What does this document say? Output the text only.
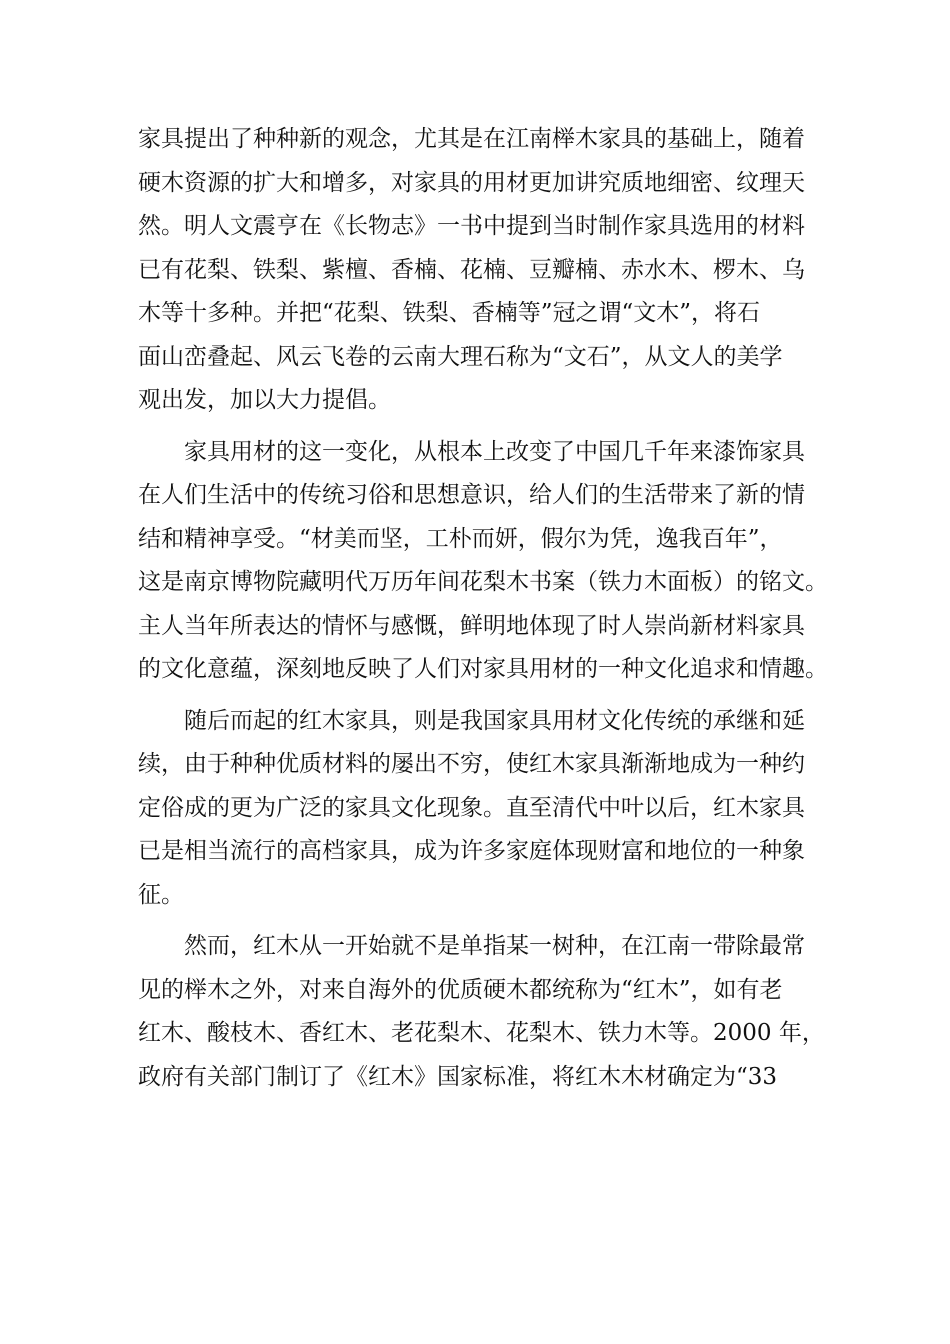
家具提出了种种新的观念，尤其是在江南榉木家具的基础上，随着
硬木资源的扩大和增多，对家具的用材更加讲究质地细密、纹理天
然。明人文震亨在《长物志》一书中提到当时制作家具选用的材料
已有花梨、铁梨、紫檀、香楠、花楠、豆瓣楠、赤水木、椤木、乌
木等十多种。并把“花梨、铁梨、香楠等”冠之谓“文木”，将石
面山峦叠起、风云飞卷的云南大理石称为“文石”，从文人的美学
观出发，加以大力提倡。
家具用材的这一变化，从根本上改变了中国几千年来漆饰家具
在人们生活中的传统习俗和思想意识，给人们的生活带来了新的情
结和精神享受。“材美而坚，工朴而妍，假尔为凭，逸我百年”，
这是南京博物院藏明代万历年间花梨木书案（铁力木面板）的铭文。
主人当年所表达的情怀与感慨，鲜明地体现了时人崇尚新材料家具
的文化意蕴，深刻地反映了人们对家具用材的一种文化追求和情趣。
随后而起的红木家具，则是我国家具用材文化传统的承继和延
续，由于种种优质材料的屡出不穷，使红木家具渐渐地成为一种约
定俗成的更为广泛的家具文化现象。直至清代中叶以后，红木家具
已是相当流行的高档家具，成为许多家庭体现财富和地位的一种象
征。
然而，红木从一开始就不是单指某一树种，在江南一带除最常
见的榉木之外，对来自海外的优质硬木都统称为“红木”，如有老
红木、酸枝木、香红木、老花梨木、花梨木、铁力木等。2000 年，
政府有关部门制订了《红木》国家标准，将红木木材确定为“33
